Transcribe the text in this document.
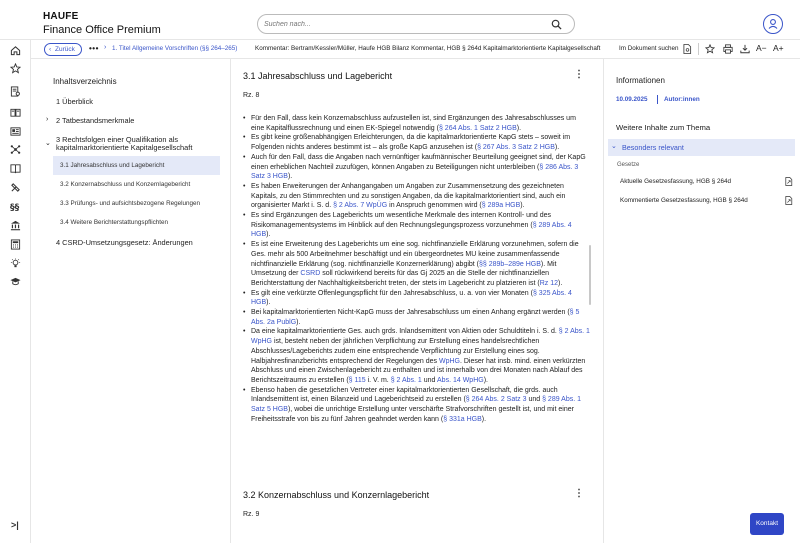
HAUFE
Finance Office Premium
Suchen nach...
§§
>|
‹ Zurück	••• › 1. Titel Allgemeine Vorschriften (§§ 264–265)	Kommentar: Bertram/Kessler/Müller, Haufe HGB Bilanz Kommentar, HGB § 264d Kapitalmarktorientierte Kapitalgesellschaft	Im Dokument suchen	A− A+
Inhaltsverzeichnis
1 Überblick
› 2 Tatbestandsmerkmale
⌄ 3 Rechtsfolgen einer Qualifikation als
kapitalmarktorientierte Kapitalgesellschaft
3.1 Jahresabschluss und Lagebericht
3.2 Konzernabschluss und Konzernlagebericht
3.3 Prüfungs- und aufsichtsbezogene Regelungen
3.4 Weitere Berichterstattungspflichten
4 CSRD-Umsetzungsgesetz: Änderungen
3.1 Jahresabschluss und Lagebericht	⋮
Rz. 8
• Für den Fall, dass kein Konzernabschluss aufzustellen ist, sind Ergänzungen des Jahresabschlusses um eine Kapitalflussrechnung und einen EK-Spiegel notwendig (§ 264 Abs. 1 Satz 2 HGB).
• Es gibt keine größenabhängigen Erleichterungen, da die kapitalmarktorientierte KapG stets – soweit im Folgenden nichts anderes bestimmt ist – als große KapG anzusehen ist (§ 267 Abs. 3 Satz 2 HGB).
• Auch für den Fall, dass die Angaben nach vernünftiger kaufmännischer Beurteilung geeignet sind, der KapG einen erheblichen Nachteil zuzufügen, können Angaben zu Beteiligungen nicht unterbleiben (§ 286 Abs. 3 Satz 3 HGB).
• Es haben Erweiterungen der Anhangangaben um Angaben zur Zusammensetzung des gezeichneten Kapitals, zu den Stimmrechten und zu sonstigen Angaben, da die kapitalmarktorientiert sind, auch ein organisierter Markt i. S. d. § 2 Abs. 7 WpÜG in Anspruch genommen wird (§ 289a HGB).
• Es sind Ergänzungen des Lageberichts um wesentliche Merkmale des internen Kontroll- und des Risikomanagementsystems im Hinblick auf den Rechnungslegungsprozess vorzunehmen (§ 289 Abs. 4 HGB).
• Es ist eine Erweiterung des Lageberichts um eine sog. nichtfinanzielle Erklärung vorzunehmen, sofern die Ges. mehr als 500 Arbeitnehmer beschäftigt und ein übergeordnetes MU keine zusammenfassende nichtfinanzielle Erklärung (sog. nichtfinanzielle Konzernerklärung) abgibt (§§ 289b–289e HGB). Mit Umsetzung der CSRD soll rückwirkend bereits für das Gj 2025 an die Stelle der nichtfinanziellen Berichterstattung der Nachhaltigkeitsbericht treten, der stets im Lagebericht zu platzieren ist (Rz 12).
• Es gilt eine verkürzte Offenlegungspflicht für den Jahresabschluss, u. a. von vier Monaten (§ 325 Abs. 4 HGB).
• Bei kapitalmarktorientierten Nicht-KapG muss der Jahresabschluss um einen Anhang ergänzt werden (§ 5 Abs. 2a PublG).
• Da eine kapitalmarktorientierte Ges. auch grds. Inlandsemittent von Aktien oder Schuldtiteln i. S. d. § 2 Abs. 1 WpHG ist, besteht neben der jährlichen Verpflichtung zur Erstellung eines handelsrechtlichen Abschlusses/Lageberichts zudem eine entsprechende Verpflichtung zur Erstellung eines sog. Halbjahresfinanzberichts entsprechend der Regelungen des WpHG. Dieser hat insb. mind. einen verkürzten Abschluss und einen Zwischenlagebericht zu enthalten und ist innerhalb von drei Monaten nach Ablauf des Berichtszeitraums zu erstellen (§ 115 i. V. m. § 2 Abs. 1 und Abs. 14 WpHG).
• Ebenso haben die gesetzlichen Vertreter einer kapitalmarktorientierten Gesellschaft, die grds. auch Inlandsemittent ist, einen Bilanzeid und Lageberichtseid zu erstellen (§ 264 Abs. 2 Satz 3 und § 289 Abs. 1 Satz 5 HGB), wobei die unrichtige Erstellung unter verschärfte Strafvorschriften gestellt ist, und mit einer Freiheitsstrafe von bis zu fünf Jahren geahndet werden kann (§ 331a HGB).
3.2 Konzernabschluss und Konzernlagebericht	⋮
Rz. 9
Informationen
10.09.2025	Autor:innen
Weitere Inhalte zum Thema
⌄ Besonders relevant
Gesetze
Aktuelle Gesetzesfassung, HGB § 264d
Kommentierte Gesetzesfassung, HGB § 264d
Kontakt
